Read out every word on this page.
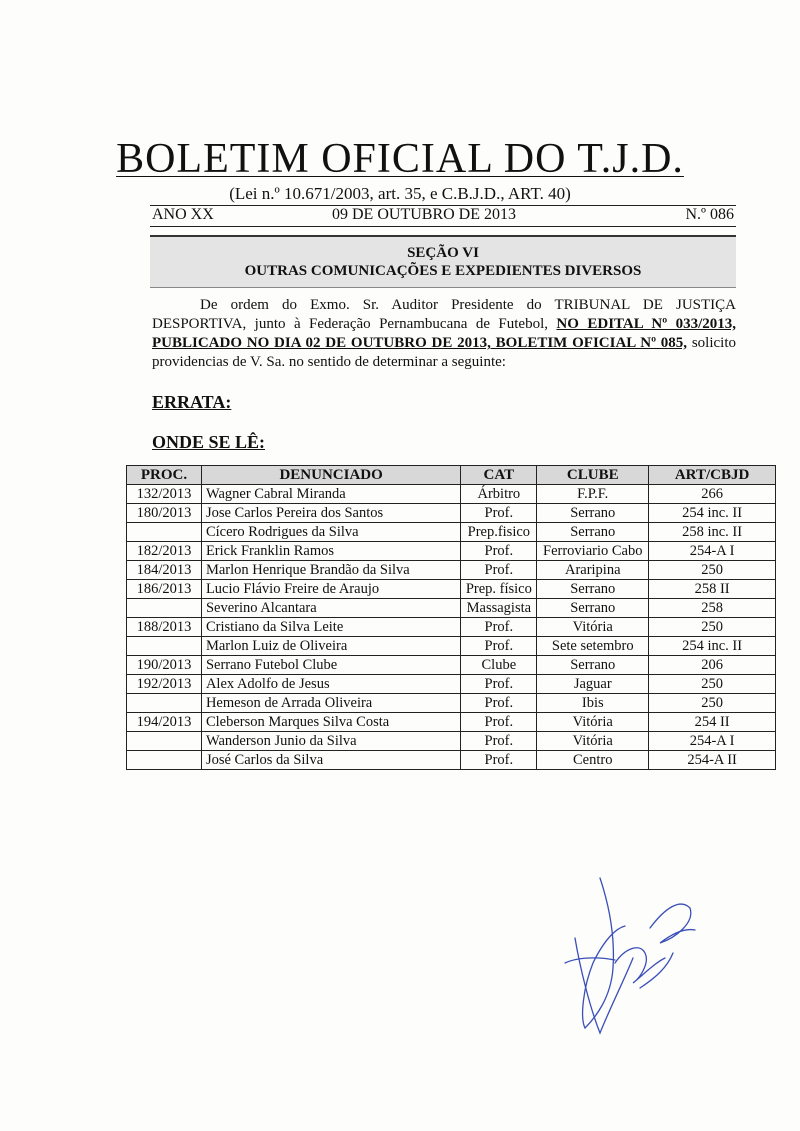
BOLETIM OFICIAL DO T.J.D.
(Lei n.º 10.671/2003, art. 35, e C.B.J.D., ART. 40)
ANO XX	09 DE OUTUBRO DE 2013	N.º 086
SEÇÃO VI
OUTRAS COMUNICAÇÕES E EXPEDIENTES DIVERSOS
De ordem do Exmo. Sr. Auditor Presidente do TRIBUNAL DE JUSTIÇA DESPORTIVA, junto à Federação Pernambucana de Futebol, NO EDITAL Nº 033/2013, PUBLICADO NO DIA 02 DE OUTUBRO DE 2013, BOLETIM OFICIAL Nº 085, solicito providencias de V. Sa. no sentido de determinar a seguinte:
ERRATA:
ONDE SE LÊ:
PROC.	DENUNCIADO	CAT	CLUBE	ART/CBJD
132/2013	Wagner Cabral Miranda	Árbitro	F.P.F.	266
180/2013	Jose Carlos Pereira dos Santos	Prof.	Serrano	254 inc. II
	Cícero Rodrigues da Silva	Prep.fisico	Serrano	258 inc. II
182/2013	Erick Franklin Ramos	Prof.	Ferroviario Cabo	254-A I
184/2013	Marlon Henrique Brandão da Silva	Prof.	Araripina	250
186/2013	Lucio Flávio Freire de Araujo	Prep. físico	Serrano	258 II
	Severino Alcantara	Massagista	Serrano	258
188/2013	Cristiano da Silva Leite	Prof.	Vitória	250
	Marlon Luiz de Oliveira	Prof.	Sete setembro	254 inc. II
190/2013	Serrano Futebol Clube	Clube	Serrano	206
192/2013	Alex Adolfo de Jesus	Prof.	Jaguar	250
	Hemeson de Arrada Oliveira	Prof.	Ibis	250
194/2013	Cleberson Marques Silva Costa	Prof.	Vitória	254 II
	Wanderson Junio da Silva	Prof.	Vitória	254-A I
	José Carlos da Silva	Prof.	Centro	254-A II
